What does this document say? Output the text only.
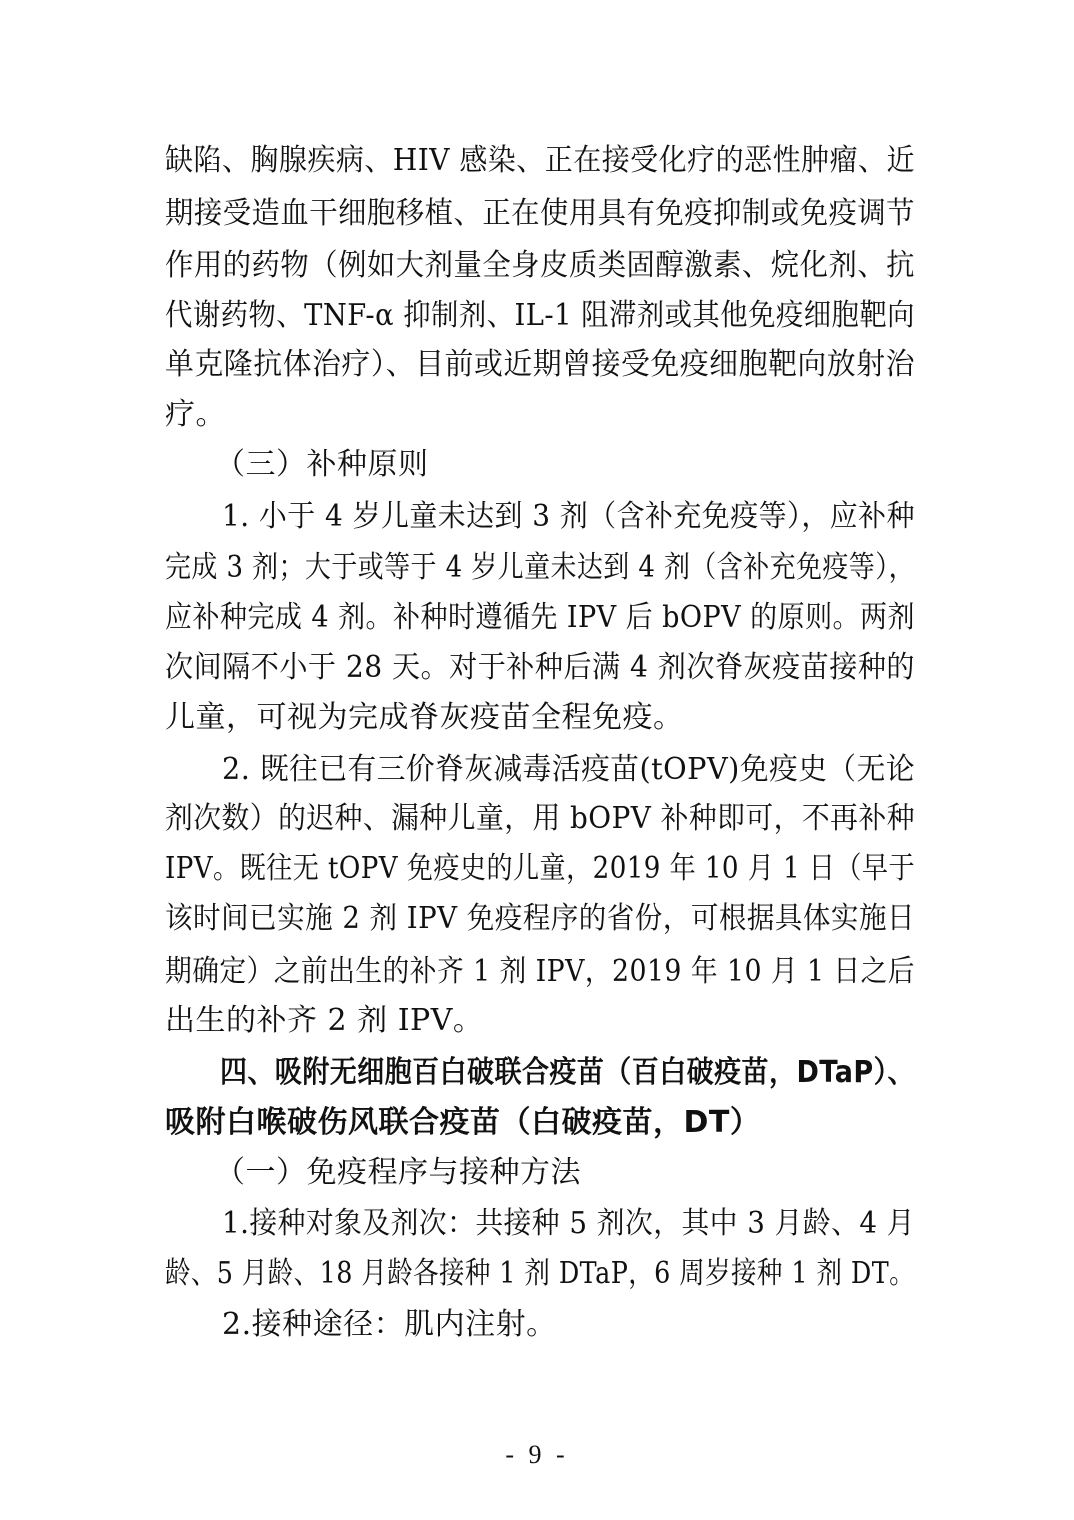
缺陷、胸腺疾病、HIV 感染、正在接受化疗的恶性肿瘤、近
期接受造血干细胞移植、正在使用具有免疫抑制或免疫调节
作用的药物（例如大剂量全身皮质类固醇激素、烷化剂、抗
代谢药物、TNF-α 抑制剂、IL-1 阻滞剂或其他免疫细胞靶向
单克隆抗体治疗）、目前或近期曾接受免疫细胞靶向放射治
疗。
（三）补种原则
1. 小于 4 岁儿童未达到 3 剂（含补充免疫等），应补种
完成 3 剂；大于或等于 4 岁儿童未达到 4 剂（含补充免疫等），
应补种完成 4 剂。补种时遵循先 IPV 后 bOPV 的原则。两剂
次间隔不小于 28 天。对于补种后满 4 剂次脊灰疫苗接种的
儿童，可视为完成脊灰疫苗全程免疫。
2. 既往已有三价脊灰减毒活疫苗(tOPV)免疫史（无论
剂次数）的迟种、漏种儿童，用 bOPV 补种即可，不再补种
IPV。既往无 tOPV 免疫史的儿童，2019 年 10 月 1 日（早于
该时间已实施 2 剂 IPV 免疫程序的省份，可根据具体实施日
期确定）之前出生的补齐 1 剂 IPV，2019 年 10 月 1 日之后
出生的补齐 2 剂 IPV。
四、吸附无细胞百白破联合疫苗（百白破疫苗，DTaP）、
吸附白喉破伤风联合疫苗（白破疫苗，DT）
（一）免疫程序与接种方法
1.接种对象及剂次：共接种 5 剂次，其中 3 月龄、4 月
龄、5 月龄、18 月龄各接种 1 剂 DTaP，6 周岁接种 1 剂 DT。
2.接种途径：肌内注射。
- 9 -
